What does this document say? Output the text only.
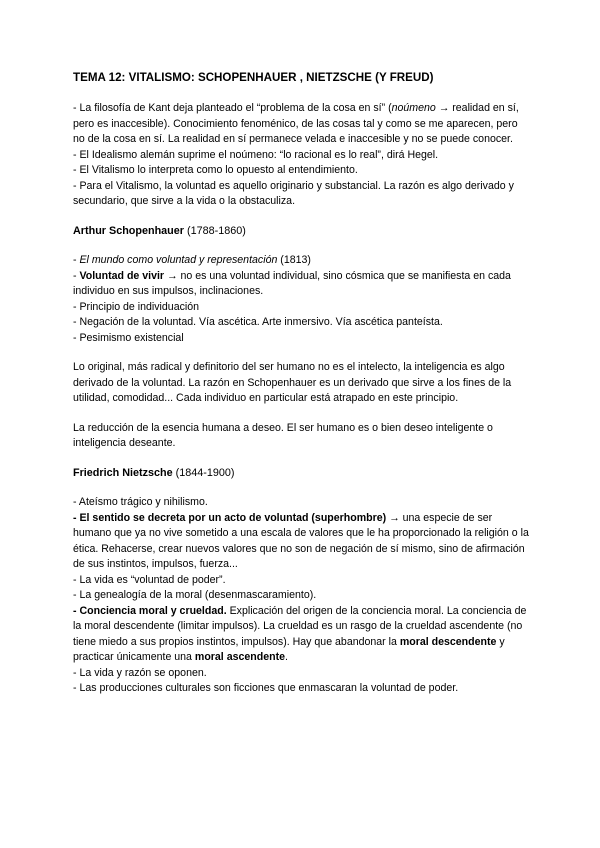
TEMA 12: VITALISMO: SCHOPENHAUER , NIETZSCHE (Y FREUD)

- La filosofía de Kant deja planteado el “problema de la cosa en sí” (noúmeno → realidad en sí, pero es inaccesible). Conocimiento fenoménico, de las cosas tal y como se me aparecen, pero no de la cosa en sí. La realidad en sí permanece velada e inaccesible y no se puede conocer.

- El Idealismo alemán suprime el noúmeno: “lo racional es lo real”, dirá Hegel.

- El Vitalismo lo interpreta como lo opuesto al entendimiento.

- Para el Vitalismo, la voluntad es aquello originario y substancial. La razón es algo derivado y secundario, que sirve a la vida o la obstaculiza.

Arthur Schopenhauer (1788-1860)

- El mundo como voluntad y representación (1813)

- Voluntad de vivir → no es una voluntad individual, sino cósmica que se manifiesta en cada individuo en sus impulsos, inclinaciones.

- Principio de individuación

- Negación de la voluntad. Vía ascética. Arte inmersivo. Vía ascética panteísta.

- Pesimismo existencial

Lo original, más radical y definitorio del ser humano no es el intelecto, la inteligencia es algo derivado de la voluntad. La razón en Schopenhauer es un derivado que sirve a los fines de la utilidad, comodidad... Cada individuo en particular está atrapado en este principio.

La reducción de la esencia humana a deseo. El ser humano es o bien deseo inteligente o inteligencia deseante.

Friedrich Nietzsche (1844-1900)

- Ateísmo trágico y nihilismo.

- El sentido se decreta por un acto de voluntad (superhombre) → una especie de ser humano que ya no vive sometido a una escala de valores que le ha proporcionado la religión o la ética. Rehacerse, crear nuevos valores que no son de negación de sí mismo, sino de afirmación de sus instintos, impulsos, fuerza...

- La vida es “voluntad de poder”.

- La genealogía de la moral (desenmascaramiento).

- Conciencia moral y crueldad. Explicación del origen de la conciencia moral. La conciencia de la moral descendente (limitar impulsos). La crueldad es un rasgo de la crueldad ascendente (no tiene miedo a sus propios instintos, impulsos). Hay que abandonar la moral descendente y practicar únicamente una moral ascendente.

- La vida y razón se oponen.

- Las producciones culturales son ficciones que enmascaran la voluntad de poder.
